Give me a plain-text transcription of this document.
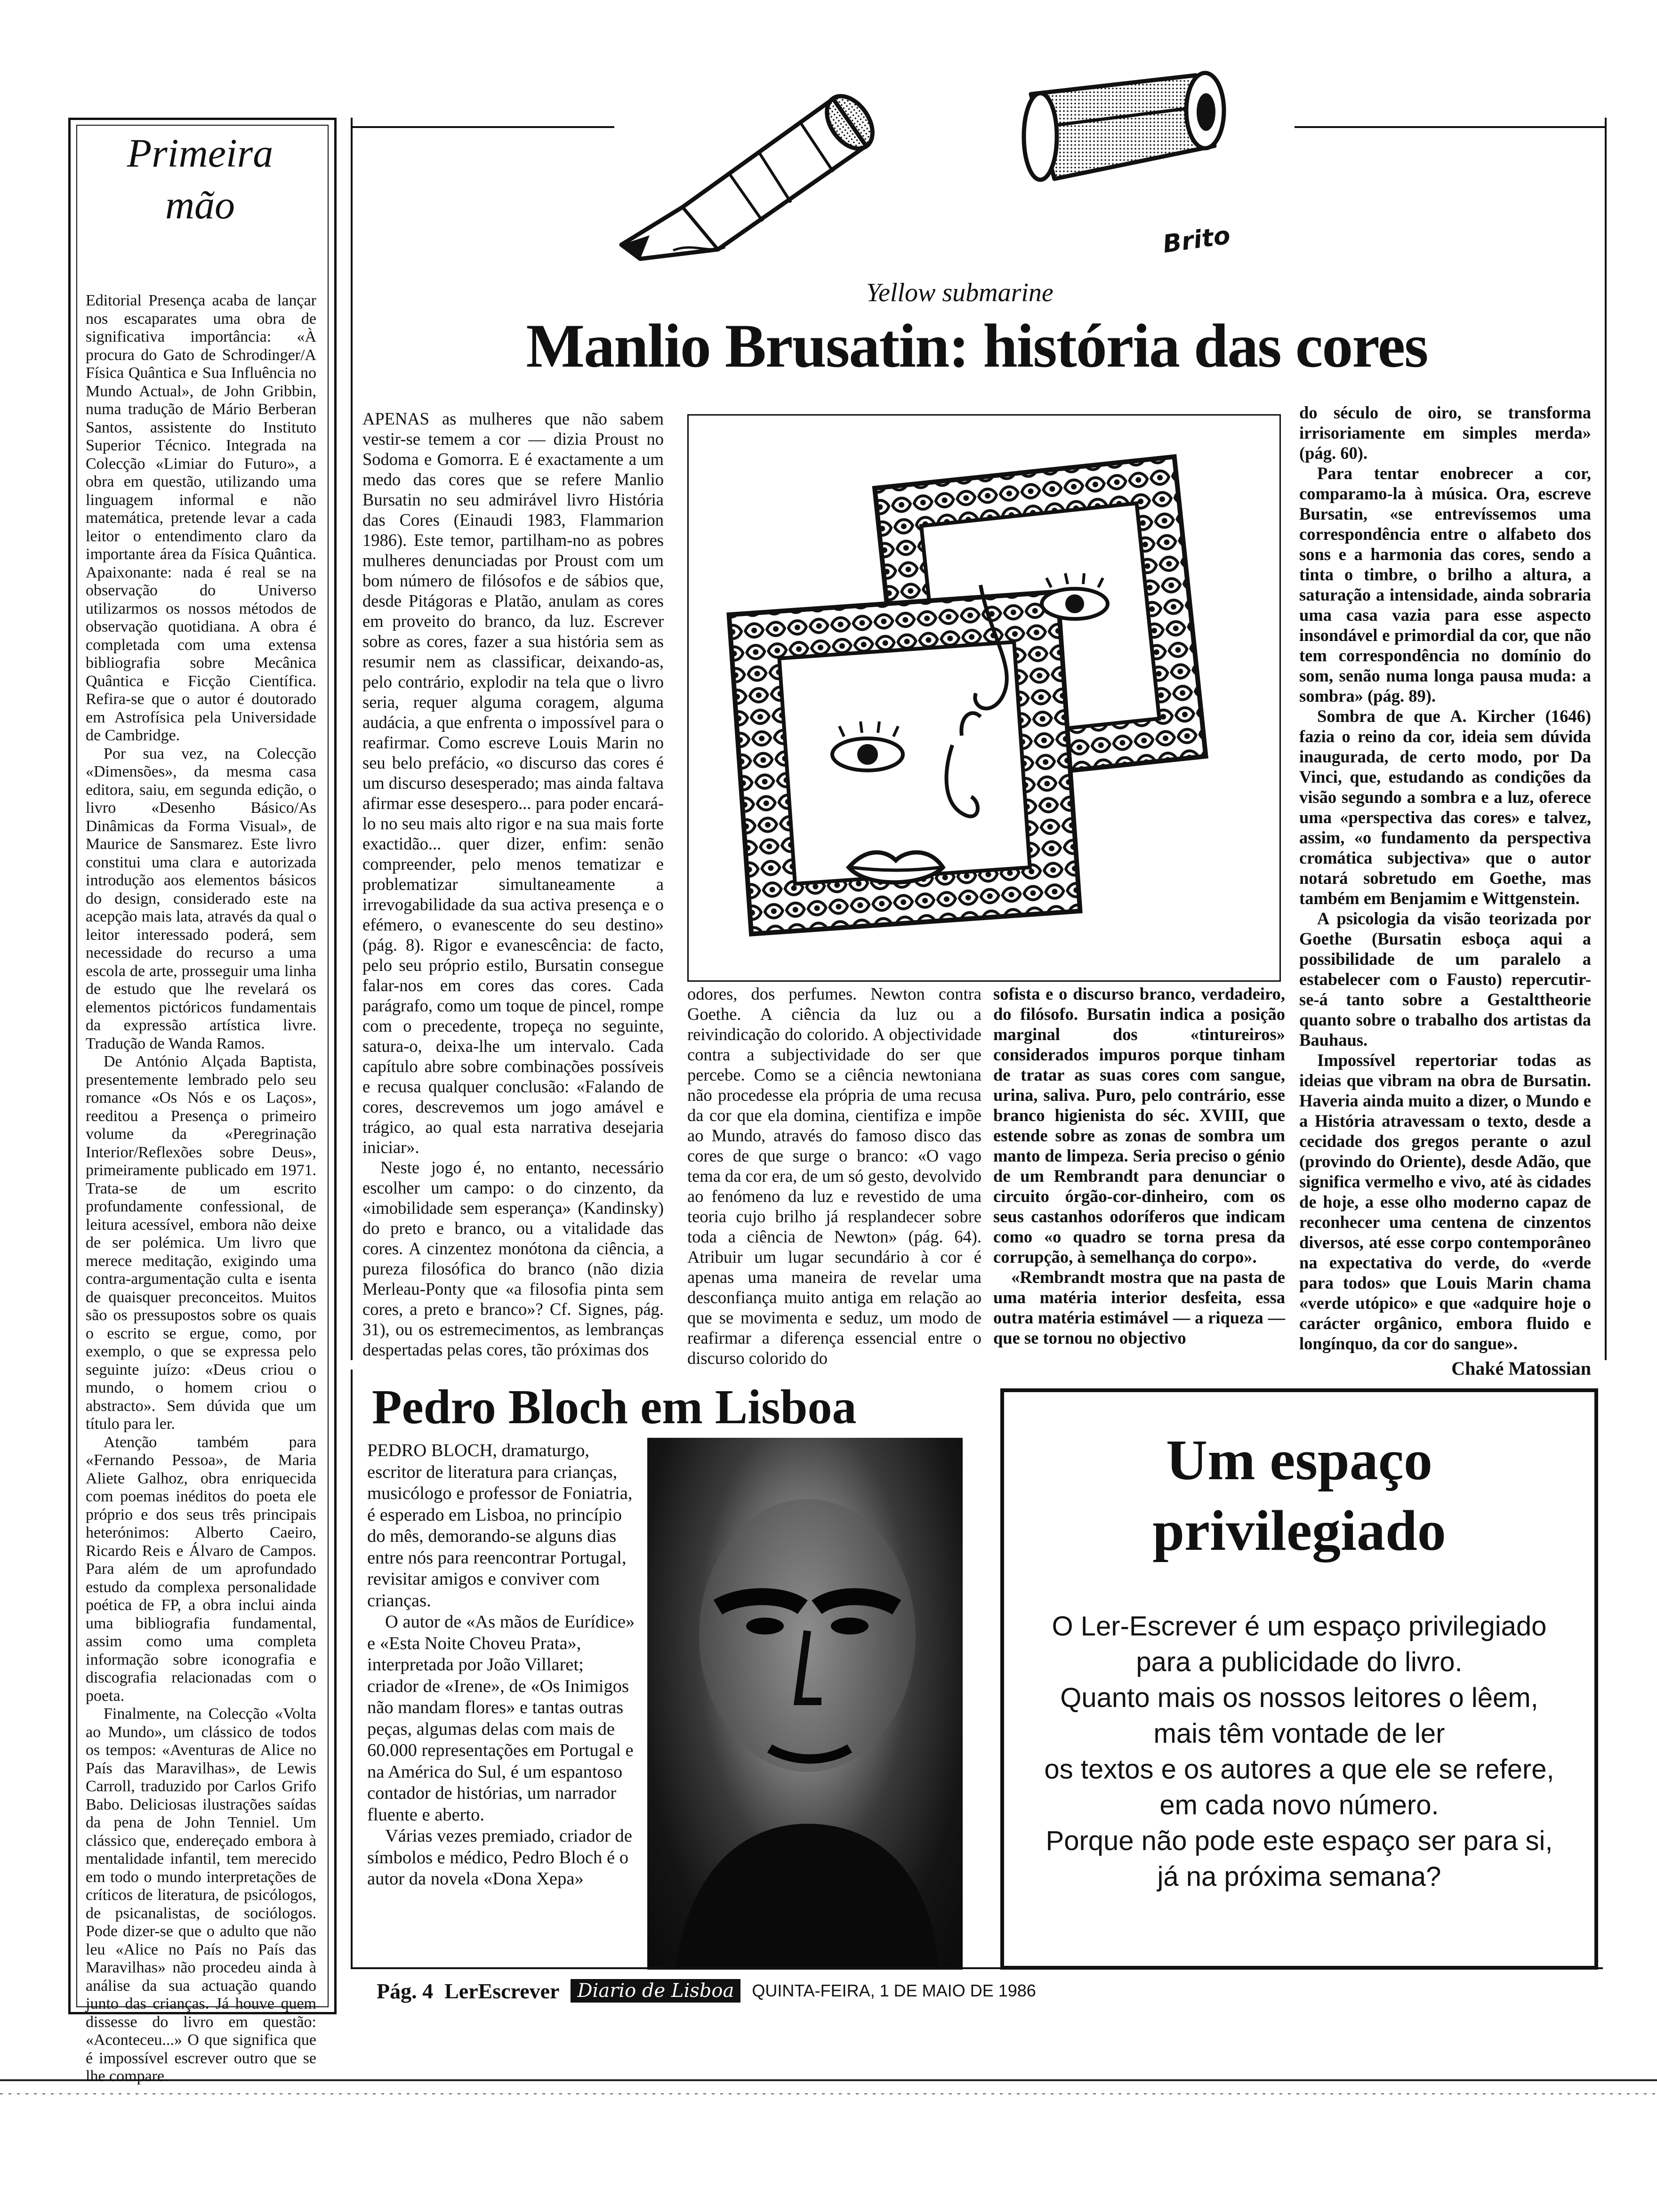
Primeira
mão

Editorial Presença acaba de lançar nos escaparates uma obra de significativa importância: «À procura do Gato de Schrodinger/A Física Quântica e Sua Influência no Mundo Actual», de John Gribbin, numa tradução de Mário Berberan Santos, assistente do Instituto Superior Técnico. Integrada na Colecção «Limiar do Futuro», a obra em questão, utilizando uma linguagem informal e não matemática, pretende levar a cada leitor o entendimento claro da importante área da Física Quântica. Apaixonante: nada é real se na observação do Universo utilizarmos os nossos métodos de observação quotidiana. A obra é completada com uma extensa bibliografia sobre Mecânica Quântica e Ficção Científica. Refira-se que o autor é doutorado em Astrofísica pela Universidade de Cambridge.

Por sua vez, na Colecção «Dimensões», da mesma casa editora, saiu, em segunda edição, o livro «Desenho Básico/As Dinâmicas da Forma Visual», de Maurice de Sansmarez. Este livro constitui uma clara e autorizada introdução aos elementos básicos do design, considerado este na acepção mais lata, através da qual o leitor interessado poderá, sem necessidade do recurso a uma escola de arte, prosseguir uma linha de estudo que lhe revelará os elementos pictóricos fundamentais da expressão artística livre. Tradução de Wanda Ramos.

De António Alçada Baptista, presentemente lembrado pelo seu romance «Os Nós e os Laços», reeditou a Presença o primeiro volume da «Peregrinação Interior/Reflexões sobre Deus», primeiramente publicado em 1971. Trata-se de um escrito profundamente confessional, de leitura acessível, embora não deixe de ser polémica. Um livro que merece meditação, exigindo uma contra-argumentação culta e isenta de quaisquer preconceitos. Muitos são os pressupostos sobre os quais o escrito se ergue, como, por exemplo, o que se expressa pelo seguinte juízo: «Deus criou o mundo, o homem criou o abstracto». Sem dúvida que um título para ler.

Atenção também para «Fernando Pessoa», de Maria Aliete Galhoz, obra enriquecida com poemas inéditos do poeta ele próprio e dos seus três principais heterónimos: Alberto Caeiro, Ricardo Reis e Álvaro de Campos. Para além de um aprofundado estudo da complexa personalidade poética de FP, a obra inclui ainda uma bibliografia fundamental, assim como uma completa informação sobre iconografia e discografia relacionadas com o poeta.

Finalmente, na Colecção «Volta ao Mundo», um clássico de todos os tempos: «Aventuras de Alice no País das Maravilhas», de Lewis Carroll, traduzido por Carlos Grifo Babo. Deliciosas ilustrações saídas da pena de John Tenniel. Um clássico que, endereçado embora à mentalidade infantil, tem merecido em todo o mundo interpretações de críticos de literatura, de psicólogos, de psicanalistas, de sociólogos. Pode dizer-se que o adulto que não leu «Alice no País no País das Maravilhas» não procedeu ainda à análise da sua actuação quando junto das crianças. Já houve quem dissesse do livro em questão: «Aconteceu...» O que significa que é impossível escrever outro que se lhe compare.

Brito
Yellow submarine
Manlio Brusatin: história das cores

APENAS as mulheres que não sabem vestir-se temem a cor — dizia Proust no Sodoma e Gomorra. E é exactamente a um medo das cores que se refere Manlio Bursatin no seu admirável livro História das Cores (Einaudi 1983, Flammarion 1986). Este temor, partilham-no as pobres mulheres denunciadas por Proust com um bom número de filósofos e de sábios que, desde Pitágoras e Platão, anulam as cores em proveito do branco, da luz. Escrever sobre as cores, fazer a sua história sem as resumir nem as classificar, deixando-as, pelo contrário, explodir na tela que o livro seria, requer alguma coragem, alguma audácia, a que enfrenta o impossível para o reafirmar. Como escreve Louis Marin no seu belo prefácio, «o discurso das cores é um discurso desesperado; mas ainda faltava afirmar esse desespero... para poder encará-lo no seu mais alto rigor e na sua mais forte exactidão... quer dizer, enfim: senão compreender, pelo menos tematizar e problematizar simultaneamente a irrevogabilidade da sua activa presença e o efémero, o evanescente do seu destino» (pág. 8). Rigor e evanescência: de facto, pelo seu próprio estilo, Bursatin consegue falar-nos em cores das cores. Cada parágrafo, como um toque de pincel, rompe com o precedente, tropeça no seguinte, satura-o, deixa-lhe um intervalo. Cada capítulo abre sobre combinações possíveis e recusa qualquer conclusão: «Falando de cores, descrevemos um jogo amável e trágico, ao qual esta narrativa desejaria iniciar».

Neste jogo é, no entanto, necessário escolher um campo: o do cinzento, da «imobilidade sem esperança» (Kandinsky) do preto e branco, ou a vitalidade das cores. A cinzentez monótona da ciência, a pureza filosófica do branco (não dizia Merleau-Ponty que «a filosofia pinta sem cores, a preto e branco»? Cf. Signes, pág. 31), ou os estremecimentos, as lembranças despertadas pelas cores, tão próximas dos

odores, dos perfumes. Newton contra Goethe. A ciência da luz ou a reivindicação do colorido. A objectividade contra a subjectividade do ser que percebe. Como se a ciência newtoniana não procedesse ela própria de uma recusa da cor que ela domina, cientifiza e impõe ao Mundo, através do famoso disco das cores de que surge o branco: «O vago tema da cor era, de um só gesto, devolvido ao fenómeno da luz e revestido de uma teoria cujo brilho já resplandecer sobre toda a ciência de Newton» (pág. 64). Atribuir um lugar secundário à cor é apenas uma maneira de revelar uma desconfiança muito antiga em relação ao que se movimenta e seduz, um modo de reafirmar a diferença essencial entre o discurso colorido do

sofista e o discurso branco, verdadeiro, do filósofo. Bursatin indica a posição marginal dos «tintureiros» considerados impuros porque tinham de tratar as suas cores com sangue, urina, saliva. Puro, pelo contrário, esse branco higienista do séc. XVIII, que estende sobre as zonas de sombra um manto de limpeza. Seria preciso o génio de um Rembrandt para denunciar o circuito órgão-cor-dinheiro, com os seus castanhos odoríferos que indicam como «o quadro se torna presa da corrupção, à semelhança do corpo».

«Rembrandt mostra que na pasta de uma matéria interior desfeita, essa outra matéria estimável — a riqueza — que se tornou no objectivo

do século de oiro, se transforma irrisoriamente em simples merda» (pág. 60).

Para tentar enobrecer a cor, comparamo-la à música. Ora, escreve Bursatin, «se entrevíssemos uma correspondência entre o alfabeto dos sons e a harmonia das cores, sendo a tinta o timbre, o brilho a altura, a saturação a intensidade, ainda sobraria uma casa vazia para esse aspecto insondável e primordial da cor, que não tem correspondência no domínio do som, senão numa longa pausa muda: a sombra» (pág. 89).

Sombra de que A. Kircher (1646) fazia o reino da cor, ideia sem dúvida inaugurada, de certo modo, por Da Vinci, que, estudando as condições da visão segundo a sombra e a luz, oferece uma «perspectiva das cores» e talvez, assim, «o fundamento da perspectiva cromática subjectiva» que o autor notará sobretudo em Goethe, mas também em Benjamim e Wittgenstein.

A psicologia da visão teorizada por Goethe (Bursatin esboça aqui a possibilidade de um paralelo a estabelecer com o Fausto) repercutir-se-á tanto sobre a Gestalttheorie quanto sobre o trabalho dos artistas da Bauhaus.

Impossível repertoriar todas as ideias que vibram na obra de Bursatin. Haveria ainda muito a dizer, o Mundo e a História atravessam o texto, desde a cecidade dos gregos perante o azul (provindo do Oriente), desde Adão, que significa vermelho e vivo, até às cidades de hoje, a esse olho moderno capaz de reconhecer uma centena de cinzentos diversos, até esse corpo contemporâneo na expectativa do verde, do «verde para todos» que Louis Marin chama «verde utópico» e que «adquire hoje o carácter orgânico, embora fluido e longínquo, da cor do sangue».

Chaké Matossian
Pedro Bloch em Lisboa

PEDRO BLOCH, dramaturgo, escritor de literatura para crianças, musicólogo e professor de Foniatria, é esperado em Lisboa, no princípio do mês, demorando-se alguns dias entre nós para reencontrar Portugal, revisitar amigos e conviver com crianças.

O autor de «As mãos de Eurídice» e «Esta Noite Choveu Prata», interpretada por João Villaret; criador de «Irene», de «Os Inimigos não mandam flores» e tantas outras peças, algumas delas com mais de 60.000 representações em Portugal e na América do Sul, é um espantoso contador de histórias, um narrador fluente e aberto.

Várias vezes premiado, criador de símbolos e médico, Pedro Bloch é o autor da novela «Dona Xepa»

Um espaço
privilegiado

O Ler-Escrever é um espaço privilegiado

para a publicidade do livro.

Quanto mais os nossos leitores o lêem,

mais têm vontade de ler

os textos e os autores a que ele se refere,

em cada novo número.

Porque não pode este espaço ser para si,

já na próxima semana?

Pág. 4 LerEscrever Diario de Lisboa	QUINTA-FEIRA, 1 DE MAIO DE 1986
